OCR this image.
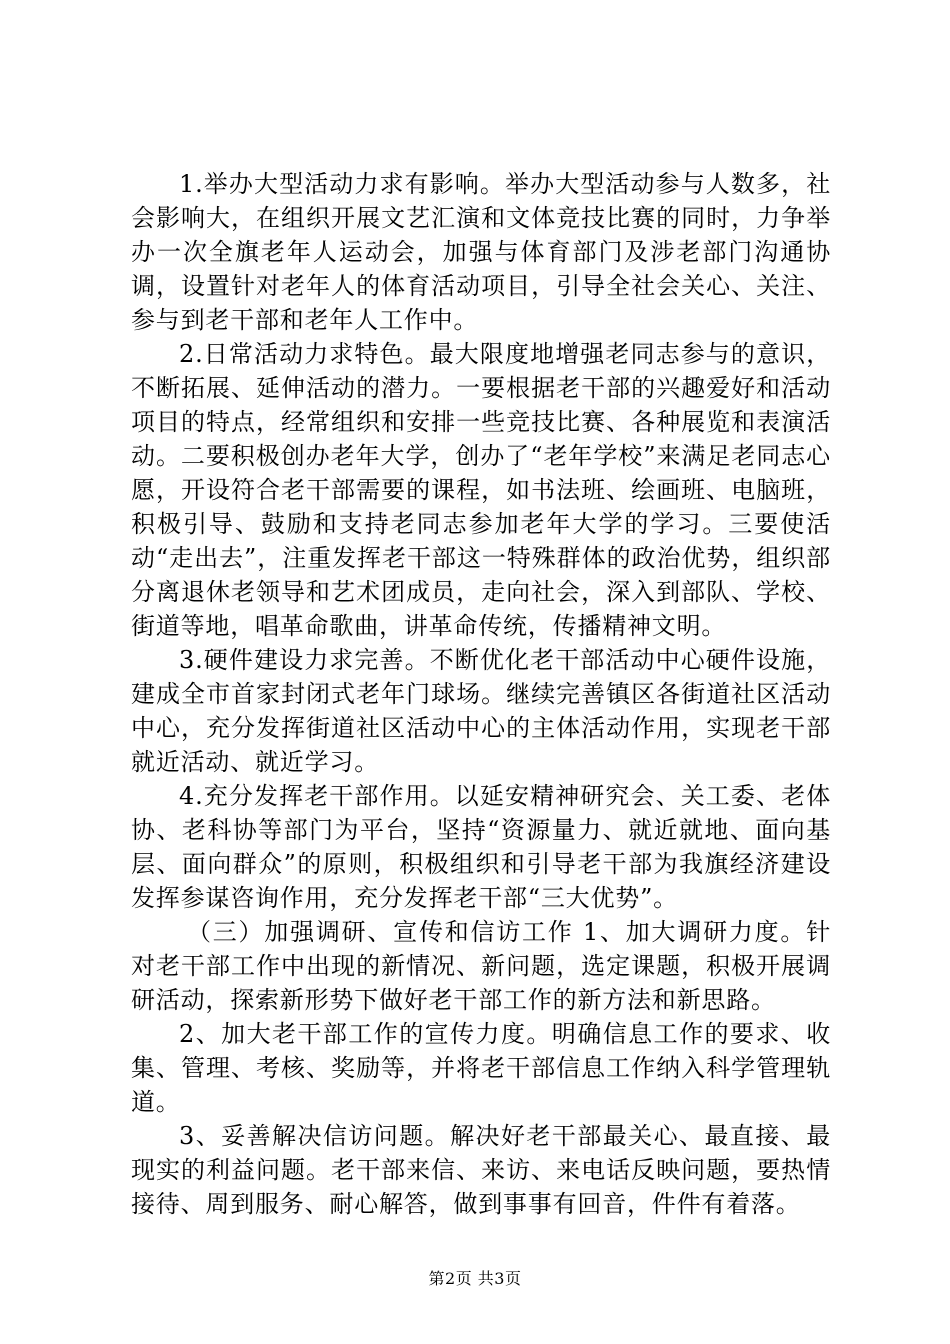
1.举办大型活动力求有影响。举办大型活动参与人数多，社会影响大，在组织开展文艺汇演和文体竞技比赛的同时，力争举办一次全旗老年人运动会，加强与体育部门及涉老部门沟通协调，设置针对老年人的体育活动项目，引导全社会关心、关注、参与到老干部和老年人工作中。

2.日常活动力求特色。最大限度地增强老同志参与的意识，不断拓展、延伸活动的潜力。一要根据老干部的兴趣爱好和活动项目的特点，经常组织和安排一些竞技比赛、各种展览和表演活动。二要积极创办老年大学，创办了“老年学校”来满足老同志心愿，开设符合老干部需要的课程，如书法班、绘画班、电脑班，积极引导、鼓励和支持老同志参加老年大学的学习。三要使活动“走出去”，注重发挥老干部这一特殊群体的政治优势，组织部分离退休老领导和艺术团成员，走向社会，深入到部队、学校、街道等地，唱革命歌曲，讲革命传统，传播精神文明。

3.硬件建设力求完善。不断优化老干部活动中心硬件设施，建成全市首家封闭式老年门球场。继续完善镇区各街道社区活动中心，充分发挥街道社区活动中心的主体活动作用，实现老干部就近活动、就近学习。

4.充分发挥老干部作用。以延安精神研究会、关工委、老体协、老科协等部门为平台，坚持“资源量力、就近就地、面向基层、面向群众”的原则，积极组织和引导老干部为我旗经济建设发挥参谋咨询作用，充分发挥老干部“三大优势”。

（三）加强调研、宣传和信访工作 1、加大调研力度。针对老干部工作中出现的新情况、新问题，选定课题，积极开展调研活动，探索新形势下做好老干部工作的新方法和新思路。

2、加大老干部工作的宣传力度。明确信息工作的要求、收集、管理、考核、奖励等，并将老干部信息工作纳入科学管理轨道。

3、妥善解决信访问题。解决好老干部最关心、最直接、最现实的利益问题。老干部来信、来访、来电话反映问题，要热情接待、周到服务、耐心解答，做到事事有回音，件件有着落。

第2页 共3页
